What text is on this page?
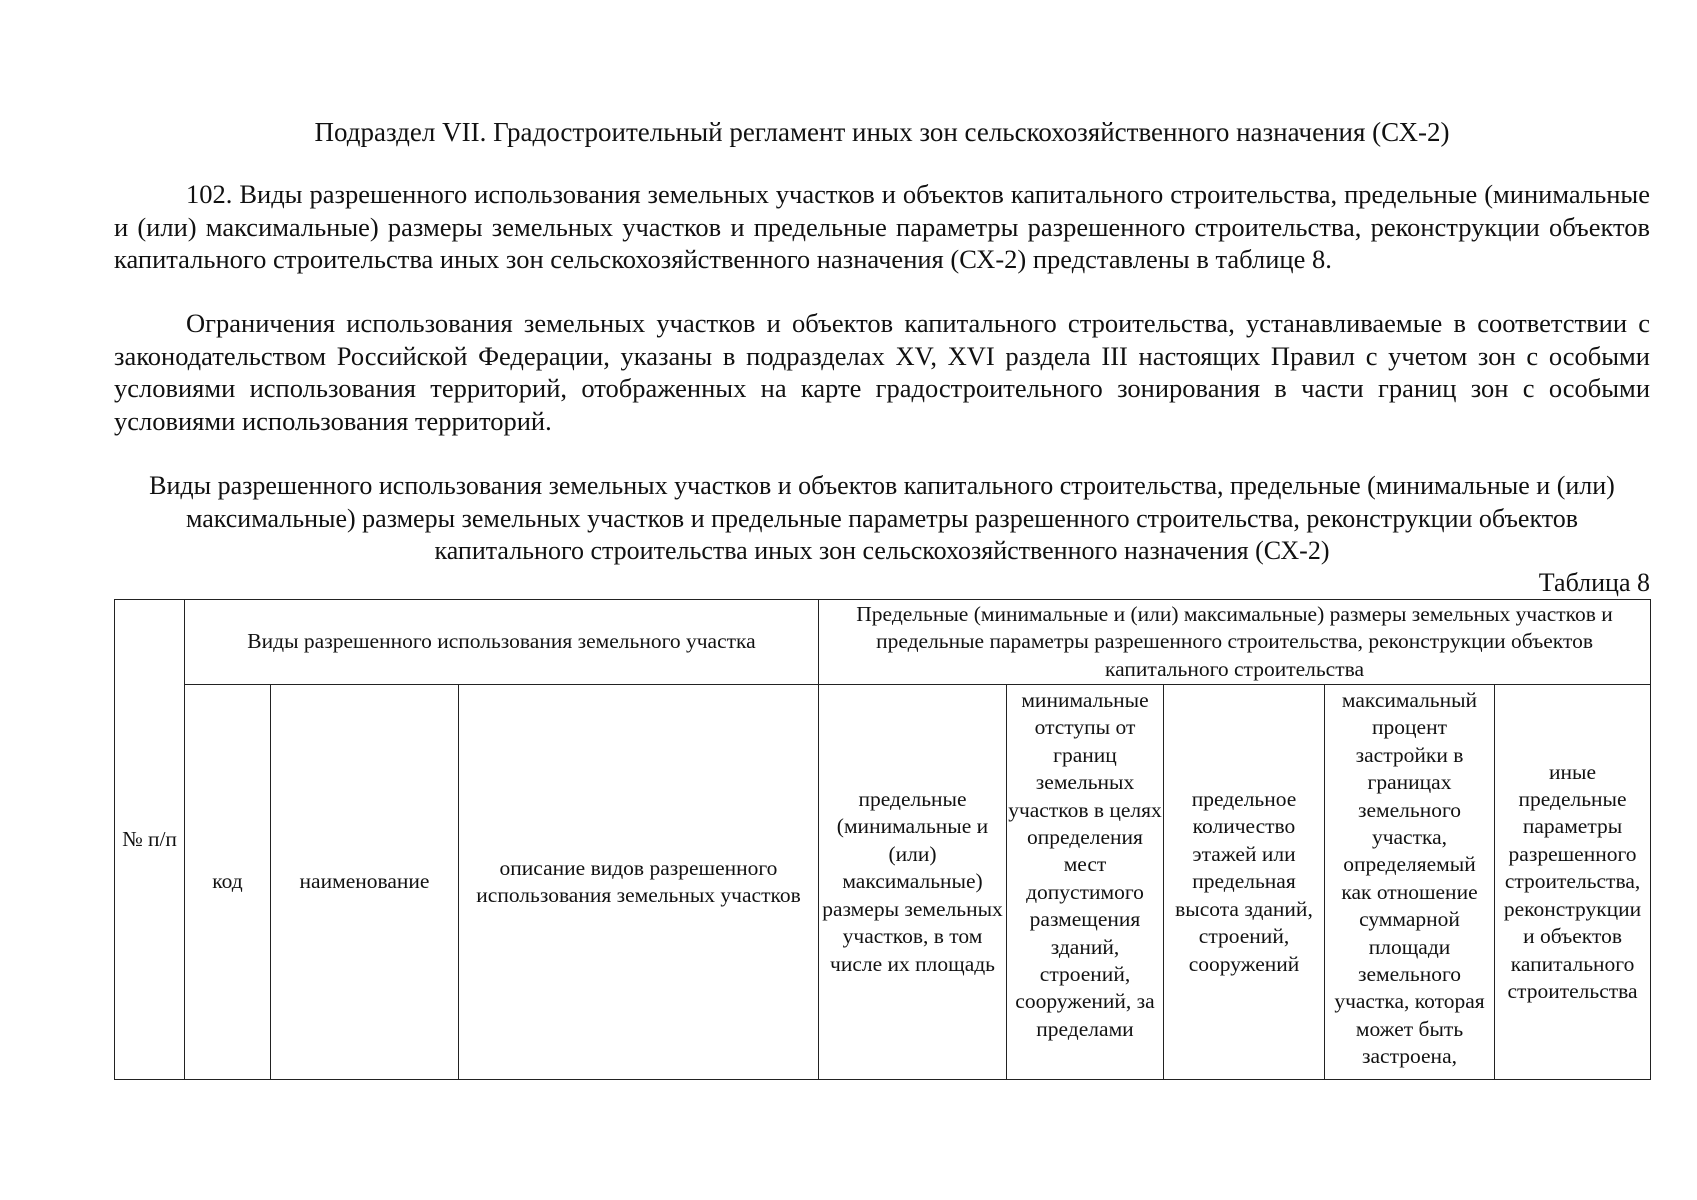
Подраздел VII. Градостроительный регламент иных зон сельскохозяйственного назначения (СХ-2)

102. Виды разрешенного использования земельных участков и объектов капитального строительства, предельные (минимальные и (или) максимальные) размеры земельных участков и предельные параметры разрешенного строительства, реконструкции объектов капитального строительства иных зон сельскохозяйственного назначения (СХ-2) представлены в таблице 8.

Ограничения использования земельных участков и объектов капитального строительства, устанавливаемые в соответствии с законодательством Российской Федерации, указаны в подразделах XV, XVI раздела III настоящих Правил с учетом зон с особыми условиями использования территорий, отображенных на карте градостроительного зонирования в части границ зон с особыми условиями использования территорий.

Виды разрешенного использования земельных участков и объектов капитального строительства, предельные (минимальные и (или) максимальные) размеры земельных участков и предельные параметры разрешенного строительства, реконструкции объектов капитального строительства иных зон сельскохозяйственного назначения (СХ-2)

Таблица 8
№ п/п	Виды разрешенного использования земельного участка			Предельные (минимальные и (или) максимальные) размеры земельных участков и предельные параметры разрешенного строительства, реконструкции объектов капитального строительства				
	код	наименование	описание видов разрешенного использования земельных участков	предельные (минимальные и (или) максимальные) размеры земельных участков, в том числе их площадь	минимальные отступы от границ земельных участков в целях определения мест допустимого размещения зданий, строений, сооружений, за пределами	предельное количество этажей или предельная высота зданий, строений, сооружений	максимальный процент застройки в границах земельного участка, определяемый как отношение суммарной площади земельного участка, которая может быть застроена,	иные предельные параметры разрешенного строительства, реконструкции и объектов капитального строительства
